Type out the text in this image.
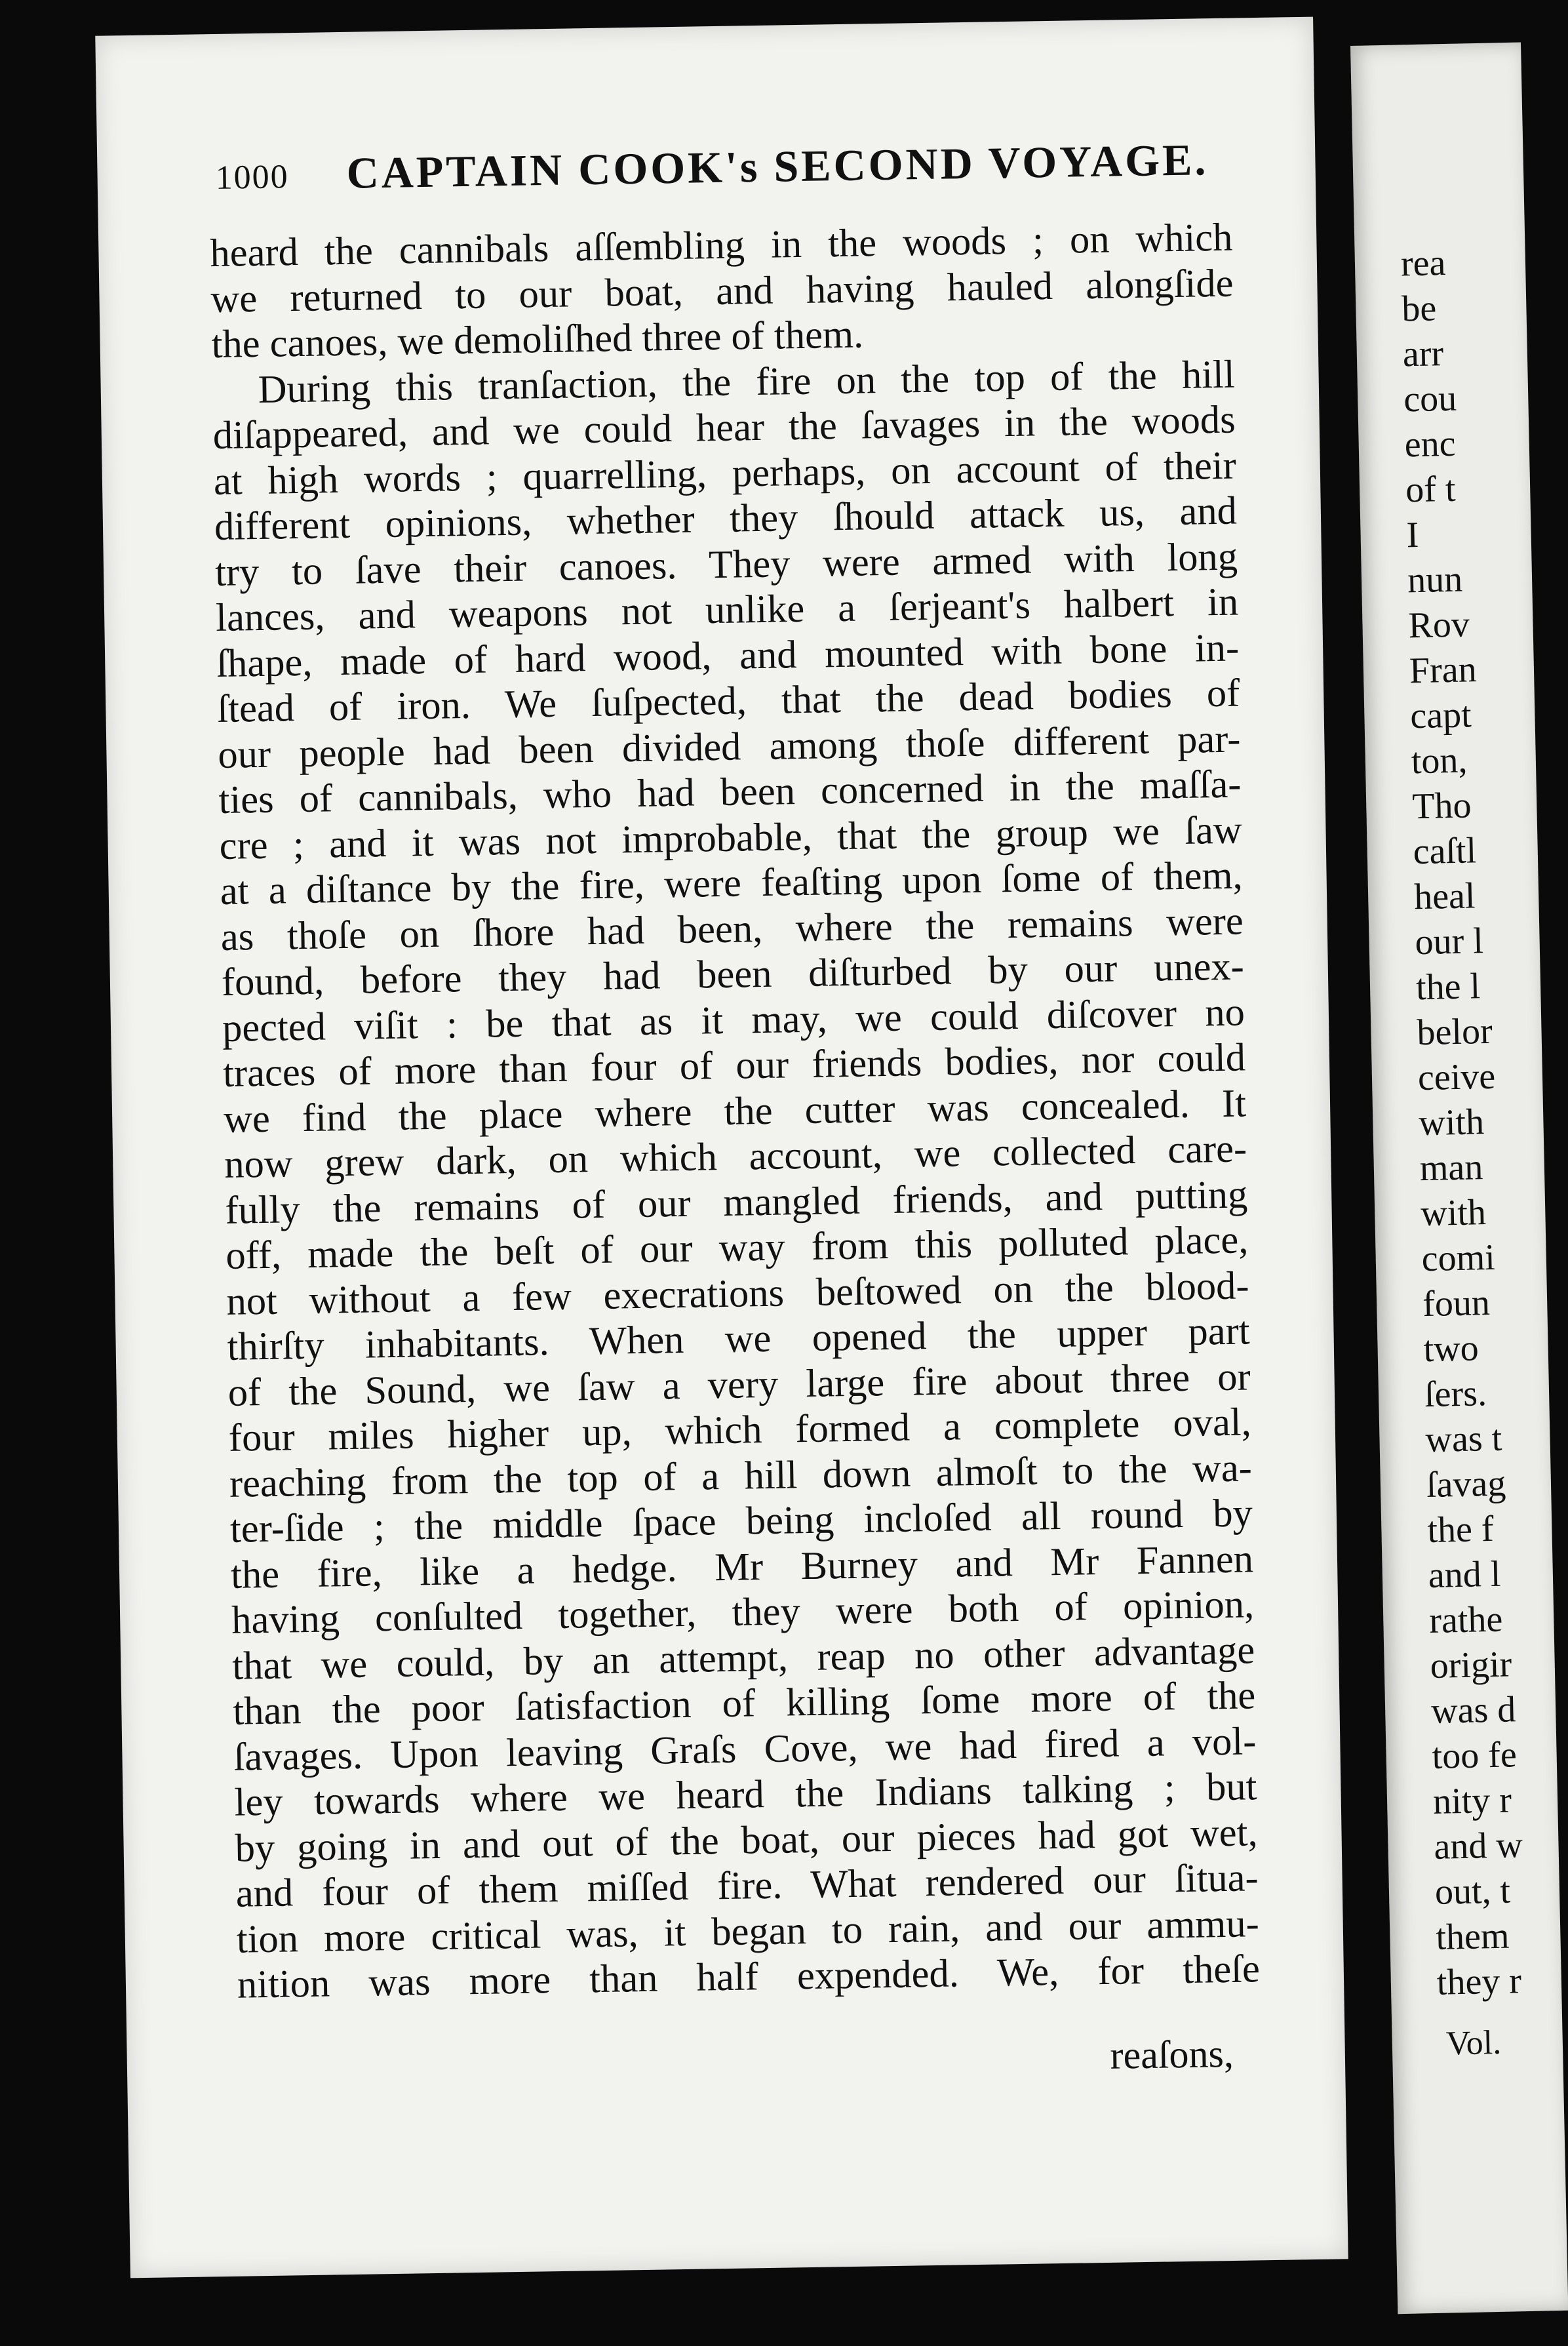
1000 CAPTAIN COOK's SECOND VOYAGE.
heard the cannibals aſſembling in the woods ; on which
we returned to our boat, and having hauled alongſide
the canoes, we demoliſhed three of them.
During this tranſaction, the fire on the top of the hill
diſappeared, and we could hear the ſavages in the woods
at high words ; quarrelling, perhaps, on account of their
different opinions, whether they ſhould attack us, and
try to ſave their canoes. They were armed with long
lances, and weapons not unlike a ſerjeant's halbert in
ſhape, made of hard wood, and mounted with bone in-
ſtead of iron. We ſuſpected, that the dead bodies of
our people had been divided among thoſe different par-
ties of cannibals, who had been concerned in the maſſa-
cre ; and it was not improbable, that the group we ſaw
at a diſtance by the fire, were feaſting upon ſome of them,
as thoſe on ſhore had been, where the remains were
found, before they had been diſturbed by our unex-
pected viſit : be that as it may, we could diſcover no
traces of more than four of our friends bodies, nor could
we find the place where the cutter was concealed. It
now grew dark, on which account, we collected care-
fully the remains of our mangled friends, and putting
off, made the beſt of our way from this polluted place,
not without a few execrations beſtowed on the blood-
thirſty inhabitants. When we opened the upper part
of the Sound, we ſaw a very large fire about three or
four miles higher up, which formed a complete oval,
reaching from the top of a hill down almoſt to the wa-
ter-ſide ; the middle ſpace being incloſed all round by
the fire, like a hedge. Mr Burney and Mr Fannen
having conſulted together, they were both of opinion,
that we could, by an attempt, reap no other advantage
than the poor ſatisfaction of killing ſome more of the
ſavages. Upon leaving Graſs Cove, we had fired a vol-
ley towards where we heard the Indians talking ; but
by going in and out of the boat, our pieces had got wet,
and four of them miſſed fire. What rendered our ſitua-
tion more critical was, it began to rain, and our ammu-
nition was more than half expended. We, for theſe
reaſons,
rea
be
arr
cou
enc
of t
I
nun
Rov
Fran
capt
ton,
Tho
caſtl
heal
our l
the l
belor
ceive
with
man
with
comi
foun
two
ſers.
was t
ſavag
the f
and l
rathe
origir
was d
too fe
nity r
and w
out, t
them
they r
Vol.
